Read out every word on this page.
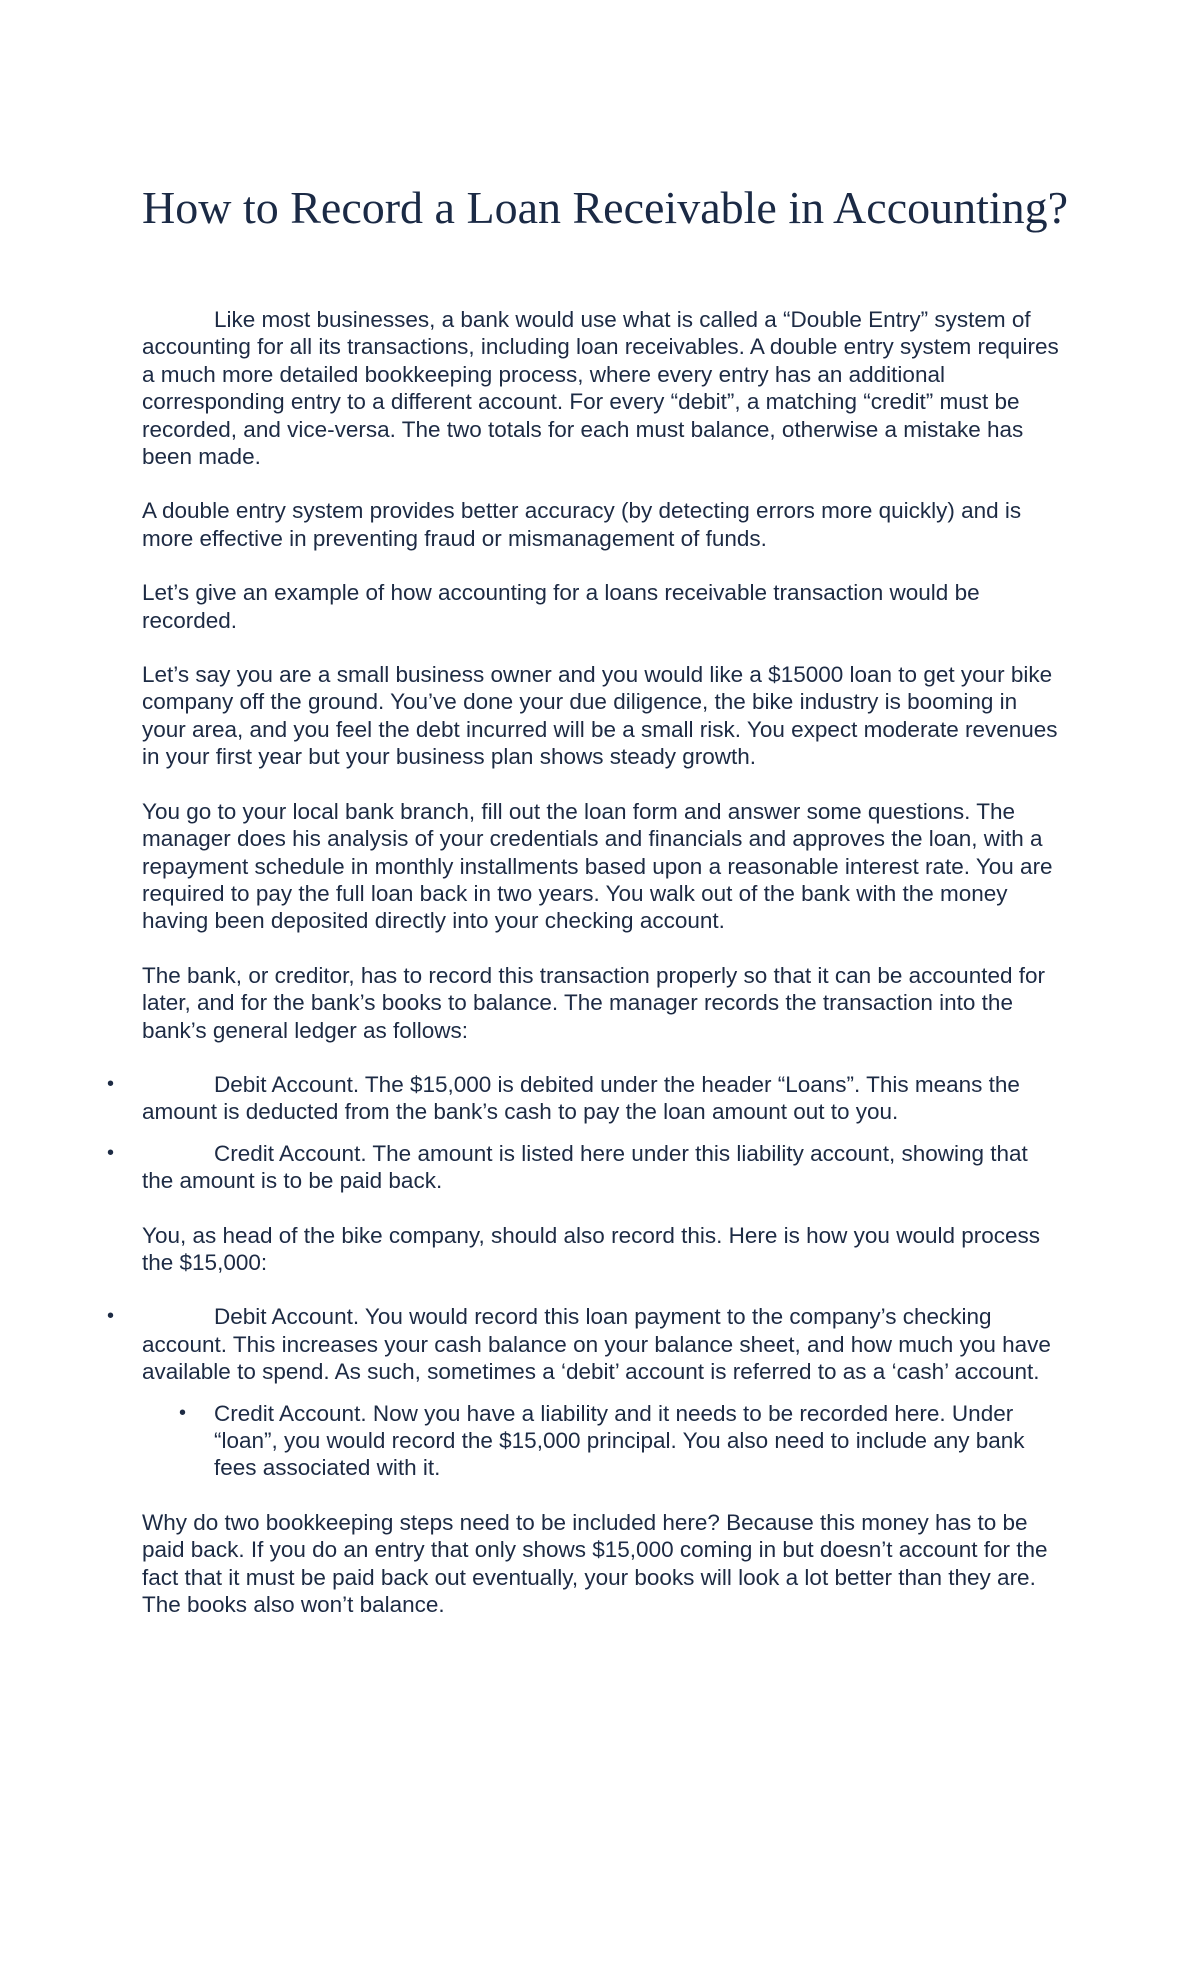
How to Record a Loan Receivable in Accounting?

Like most businesses, a bank would use what is called a “Double Entry” system of accounting for all its transactions, including loan receivables. A double entry system requires a much more detailed bookkeeping process, where every entry has an additional corresponding entry to a different account. For every “debit”, a matching “credit” must be recorded, and vice-versa. The two totals for each must balance, otherwise a mistake has been made.

A double entry system provides better accuracy (by detecting errors more quickly) and is more effective in preventing fraud or mismanagement of funds.

Let’s give an example of how accounting for a loans receivable transaction would be recorded.

Let’s say you are a small business owner and you would like a $15000 loan to get your bike company off the ground. You’ve done your due diligence, the bike industry is booming in your area, and you feel the debt incurred will be a small risk. You expect moderate revenues in your first year but your business plan shows steady growth.

You go to your local bank branch, fill out the loan form and answer some questions. The manager does his analysis of your credentials and financials and approves the loan, with a repayment schedule in monthly installments based upon a reasonable interest rate. You are required to pay the full loan back in two years. You walk out of the bank with the money having been deposited directly into your checking account.

The bank, or creditor, has to record this transaction properly so that it can be accounted for later, and for the bank’s books to balance. The manager records the transaction into the bank’s general ledger as follows:

•	Debit Account. The $15,000 is debited under the header “Loans”. This means the amount is deducted from the bank’s cash to pay the loan amount out to you.
•	Credit Account. The amount is listed here under this liability account, showing that the amount is to be paid back.

You, as head of the bike company, should also record this. Here is how you would process the $15,000:

•	Debit Account. You would record this loan payment to the company’s checking account. This increases your cash balance on your balance sheet, and how much you have available to spend. As such, sometimes a ‘debit’ account is referred to as a ‘cash’ account.
• Credit Account. Now you have a liability and it needs to be recorded here. Under “loan”, you would record the $15,000 principal. You also need to include any bank fees associated with it.

Why do two bookkeeping steps need to be included here? Because this money has to be paid back. If you do an entry that only shows $15,000 coming in but doesn’t account for the fact that it must be paid back out eventually, your books will look a lot better than they are. The books also won’t balance.
